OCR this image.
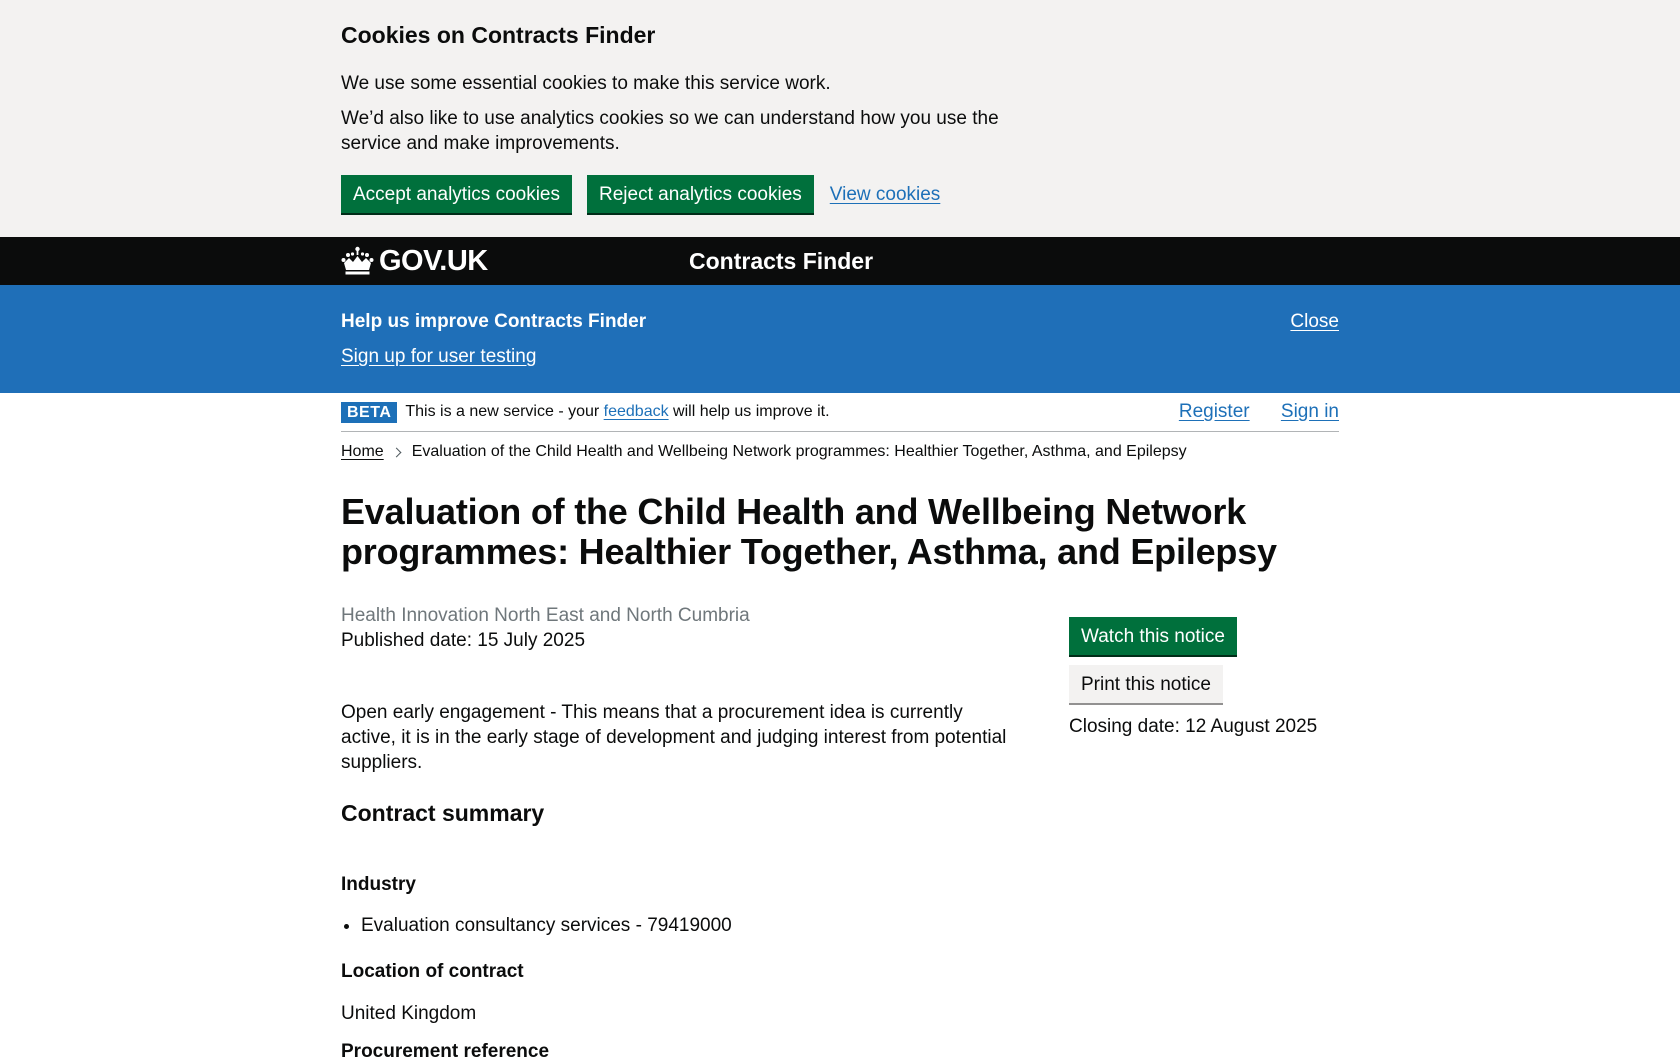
Cookies on Contracts Finder

We use some essential cookies to make this service work.

We’d also like to use analytics cookies so we can understand how you use the service and make improvements.

Accept analytics cookies	Reject analytics cookies	View cookies
GOV.UK	Contracts Finder
Help us improve Contracts Finder
Sign up for user testing
Close
BETA This is a new service - your feedback will help us improve it.	Register Sign in
Home Evaluation of the Child Health and Wellbeing Network programmes: Healthier Together, Asthma, and Epilepsy
Evaluation of the Child Health and Wellbeing Network programmes: Healthier Together, Asthma, and Epilepsy

Health Innovation North East and North Cumbria

Published date: 15 July 2025

Open early engagement - This means that a procurement idea is currently active, it is in the early stage of development and judging interest from potential suppliers.

Contract summary
Industry
• Evaluation consultancy services - 79419000
Location of contract

United Kingdom

Procurement reference
Watch this notice
Print this notice

Closing date: 12 August 2025
